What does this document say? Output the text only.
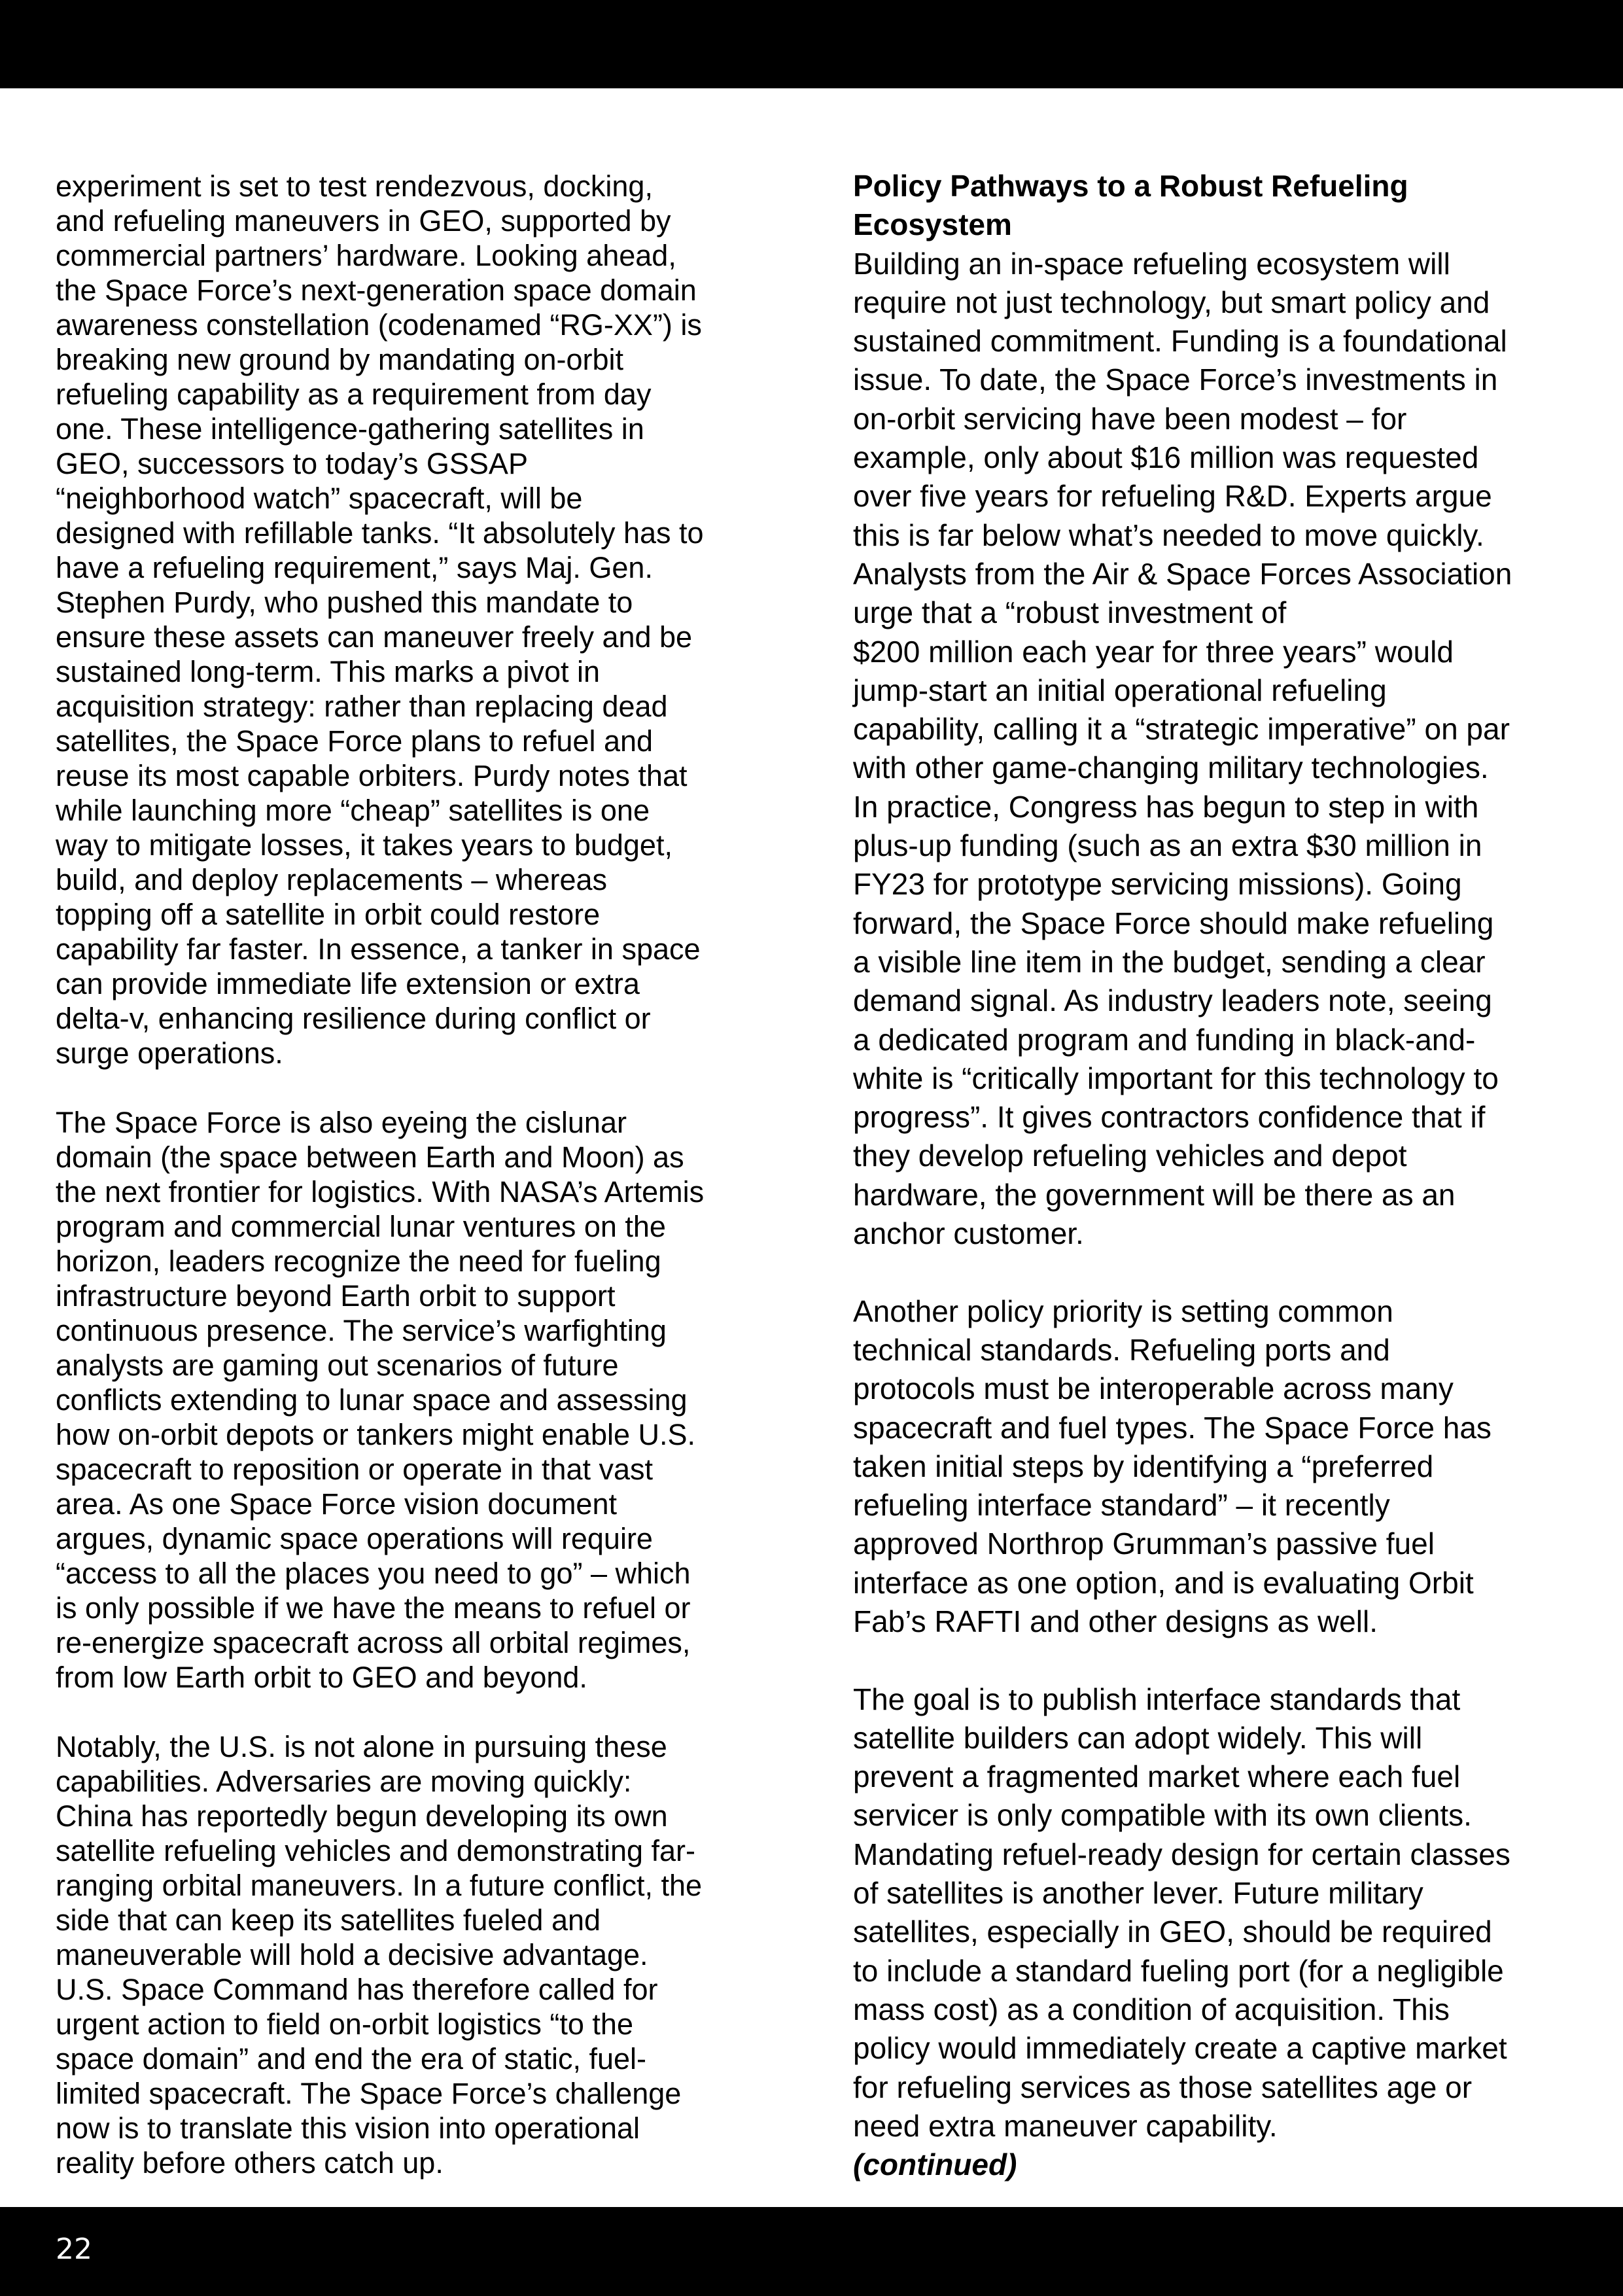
experiment is set to test rendezvous, docking,
and refueling maneuvers in GEO, supported by
commercial partners’ hardware. Looking ahead,
the Space Force’s next-generation space domain
awareness constellation (codenamed “RG-XX”) is
breaking new ground by mandating on-orbit
refueling capability as a requirement from day
one. These intelligence-gathering satellites in
GEO, successors to today’s GSSAP
“neighborhood watch” spacecraft, will be
designed with refillable tanks. “It absolutely has to
have a refueling requirement,” says Maj. Gen.
Stephen Purdy, who pushed this mandate to
ensure these assets can maneuver freely and be
sustained long-term. This marks a pivot in
acquisition strategy: rather than replacing dead
satellites, the Space Force plans to refuel and
reuse its most capable orbiters. Purdy notes that
while launching more “cheap” satellites is one
way to mitigate losses, it takes years to budget,
build, and deploy replacements – whereas
topping off a satellite in orbit could restore
capability far faster. In essence, a tanker in space
can provide immediate life extension or extra
delta-v, enhancing resilience during conflict or
surge operations.
The Space Force is also eyeing the cislunar
domain (the space between Earth and Moon) as
the next frontier for logistics. With NASA’s Artemis
program and commercial lunar ventures on the
horizon, leaders recognize the need for fueling
infrastructure beyond Earth orbit to support
continuous presence. The service’s warfighting
analysts are gaming out scenarios of future
conflicts extending to lunar space and assessing
how on-orbit depots or tankers might enable U.S.
spacecraft to reposition or operate in that vast
area. As one Space Force vision document
argues, dynamic space operations will require
“access to all the places you need to go” – which
is only possible if we have the means to refuel or
re-energize spacecraft across all orbital regimes,
from low Earth orbit to GEO and beyond.
Notably, the U.S. is not alone in pursuing these
capabilities. Adversaries are moving quickly:
China has reportedly begun developing its own
satellite refueling vehicles and demonstrating far-
ranging orbital maneuvers. In a future conflict, the
side that can keep its satellites fueled and
maneuverable will hold a decisive advantage.
U.S. Space Command has therefore called for
urgent action to field on-orbit logistics “to the
space domain” and end the era of static, fuel-
limited spacecraft. The Space Force’s challenge
now is to translate this vision into operational
reality before others catch up.
Policy Pathways to a Robust Refueling
Ecosystem
Building an in-space refueling ecosystem will
require not just technology, but smart policy and
sustained commitment. Funding is a foundational
issue. To date, the Space Force’s investments in
on-orbit servicing have been modest – for
example, only about $16 million was requested
over five years for refueling R&D. Experts argue
this is far below what’s needed to move quickly.
Analysts from the Air & Space Forces Association
urge that a “robust investment of
$200 million each year for three years” would
jump-start an initial operational refueling
capability, calling it a “strategic imperative” on par
with other game-changing military technologies.
In practice, Congress has begun to step in with
plus-up funding (such as an extra $30 million in
FY23 for prototype servicing missions). Going
forward, the Space Force should make refueling
a visible line item in the budget, sending a clear
demand signal. As industry leaders note, seeing
a dedicated program and funding in black-and-
white is “critically important for this technology to
progress”. It gives contractors confidence that if
they develop refueling vehicles and depot
hardware, the government will be there as an
anchor customer.
Another policy priority is setting common
technical standards. Refueling ports and
protocols must be interoperable across many
spacecraft and fuel types. The Space Force has
taken initial steps by identifying a “preferred
refueling interface standard” – it recently
approved Northrop Grumman’s passive fuel
interface as one option, and is evaluating Orbit
Fab’s RAFTI and other designs as well.
The goal is to publish interface standards that
satellite builders can adopt widely. This will
prevent a fragmented market where each fuel
servicer is only compatible with its own clients.
Mandating refuel-ready design for certain classes
of satellites is another lever. Future military
satellites, especially in GEO, should be required
to include a standard fueling port (for a negligible
mass cost) as a condition of acquisition. This
policy would immediately create a captive market
for refueling services as those satellites age or
need extra maneuver capability.
(continued)
22
